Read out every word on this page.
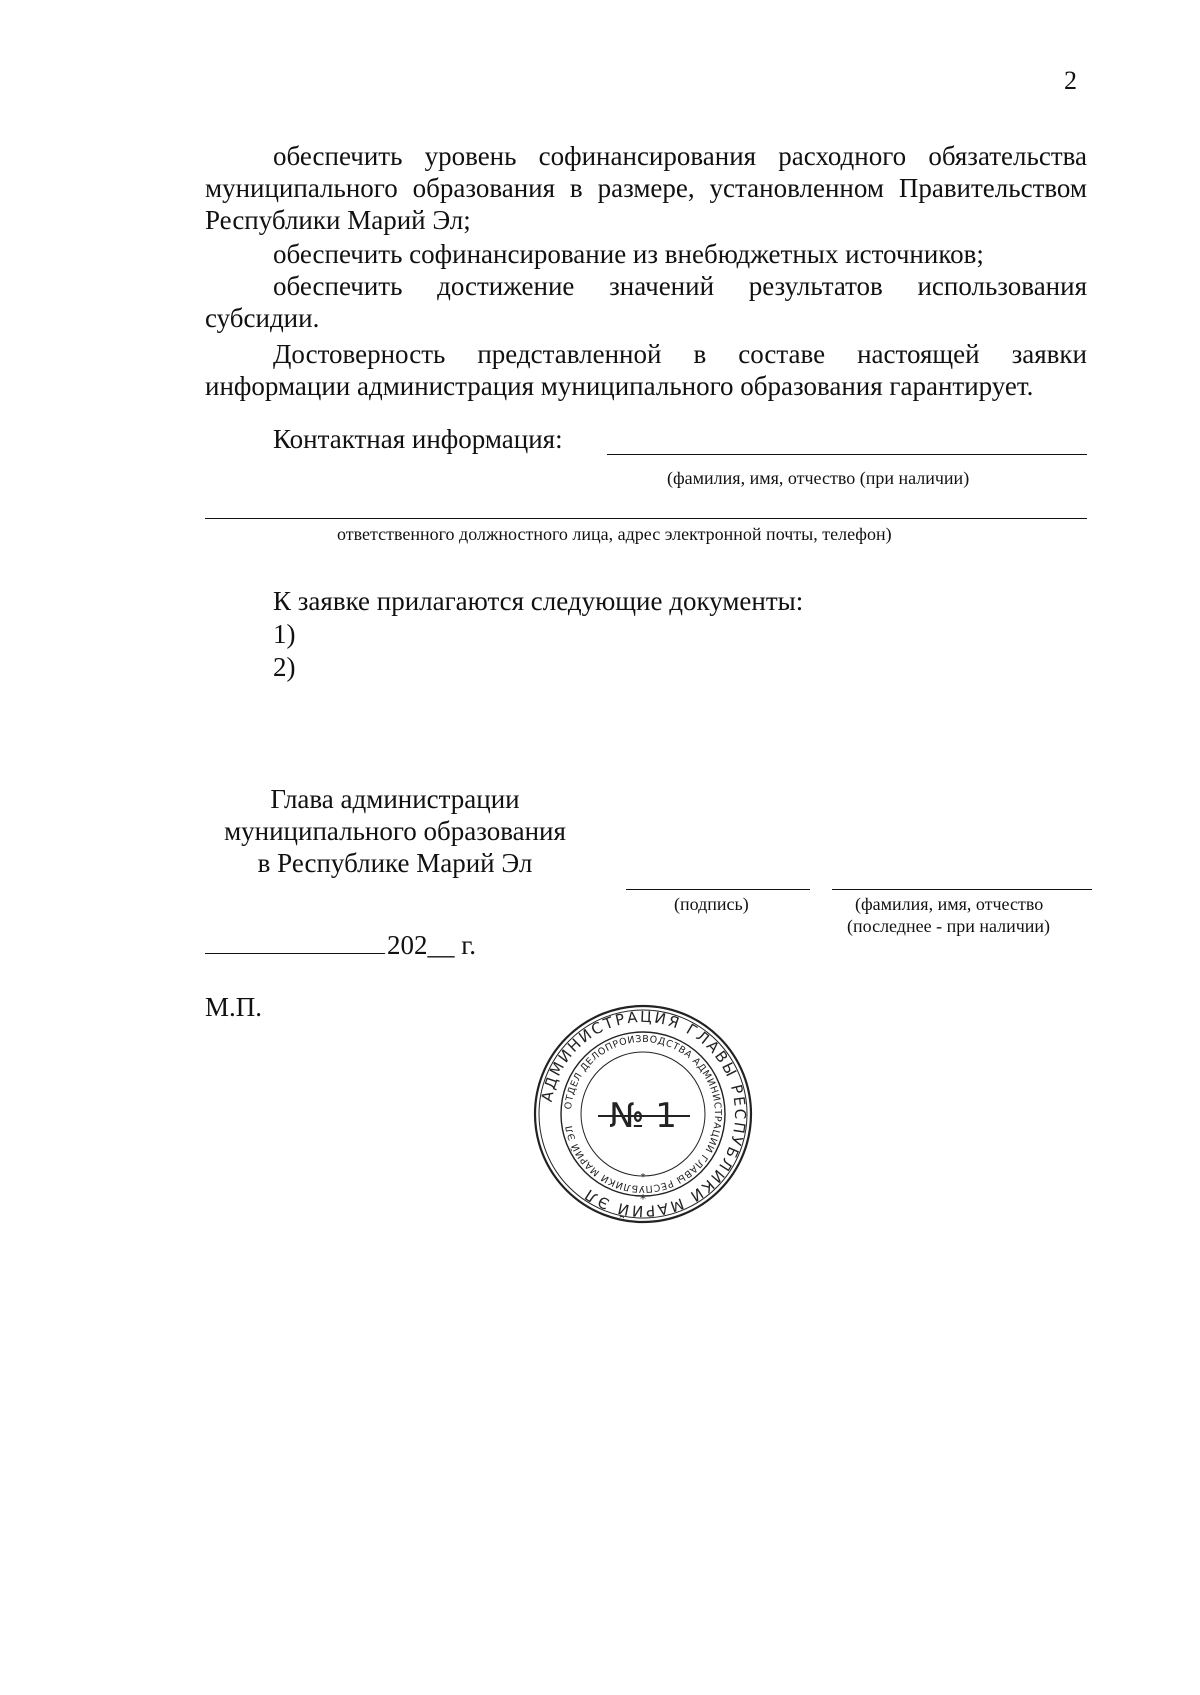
2

обеспечить уровень софинансирования расходного обязательства муниципального образования в размере, установленном Правительством Республики Марий Эл;

обеспечить софинансирование из внебюджетных источников;

обеспечить достижение значений результатов использования субсидии.

Достоверность представленной в составе настоящей заявки информации администрация муниципального образования гарантирует.

Контактная информация:
(фамилия, имя, отчество (при наличии)
ответственного должностного лица, адрес электронной почты, телефон)
К заявке прилагаются следующие документы:
1)
2)
Глава администрации
муниципального образования
в Республике Марий Эл
(подпись)	(фамилия, имя, отчество
(последнее - при наличии)
202__ г.
М.П.
АДМИНИСТРАЦИЯ ГЛАВЫ РЕСПУБЛИКИ МАРИЙ ЭЛ
ОТДЕЛ ДЕЛОПРОИЗВОДСТВА АДМИНИСТРАЦИИ ГЛАВЫ РЕСПУБЛИКИ МАРИЙ ЭЛ № 1
*
*
